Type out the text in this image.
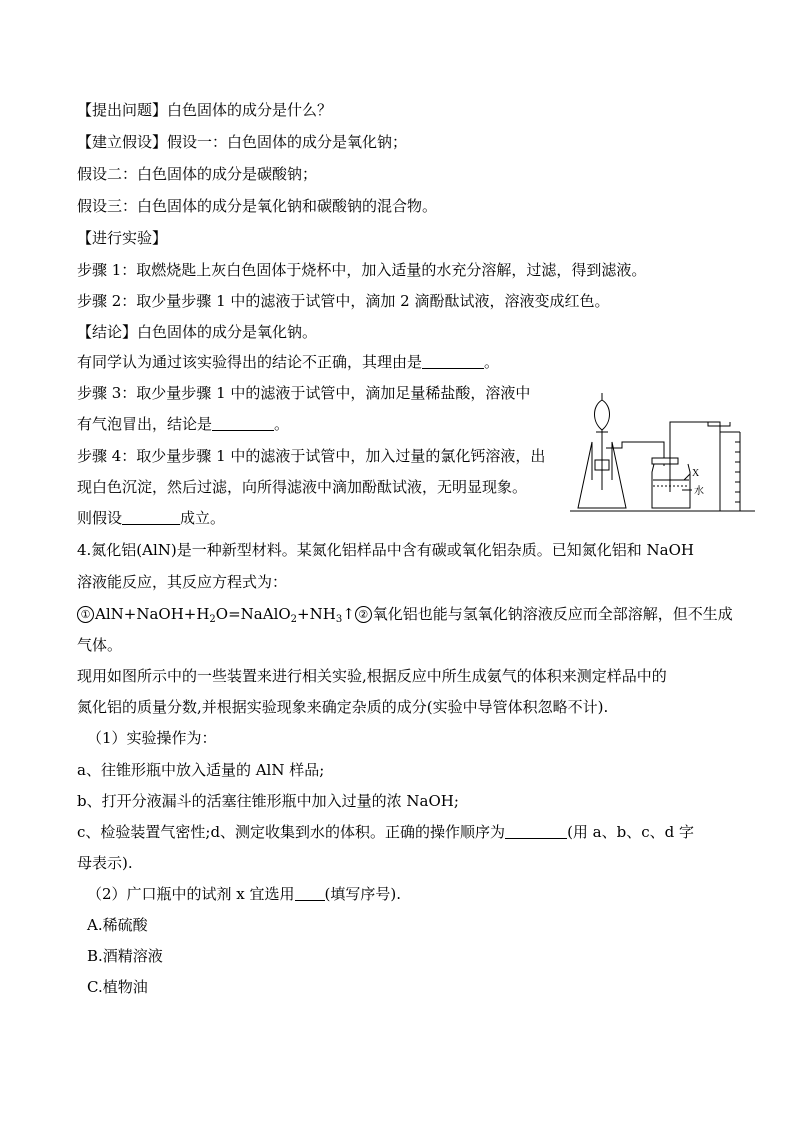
【提出问题】白色固体的成分是什么？
【建立假设】假设一：白色固体的成分是氧化钠；
假设二：白色固体的成分是碳酸钠；
假设三：白色固体的成分是氧化钠和碳酸钠的混合物。
【进行实验】
步骤 1：取燃烧匙上灰白色固体于烧杯中，加入适量的水充分溶解，过滤，得到滤液。
步骤 2：取少量步骤 1 中的滤液于试管中，滴加 2 滴酚酞试液，溶液变成红色。
【结论】白色固体的成分是氧化钠。
有同学认为通过该实验得出的结论不正确，其理由是	。
步骤 3：取少量步骤 1 中的滤液于试管中，滴加足量稀盐酸，溶液中
有气泡冒出，结论是	。
步骤 4：取少量步骤 1 中的滤液于试管中，加入过量的氯化钙溶液，出
现白色沉淀，然后过滤，向所得滤液中滴加酚酞试液，无明显现象。
则假设	成立。
X
水
4.氮化铝(AlN)是一种新型材料。某氮化铝样品中含有碳或氧化铝杂质。已知氮化铝和 NaOH
溶液能反应，其反应方程式为：
① $AlN+NaOH+H_2O=NaAlO_2+NH_3↑$ ② 氧化铝也能与氢氧化钠溶液反应而全部溶解，但不生成
气体。
现用如图所示中的一些装置来进行相关实验,根据反应中所生成氨气的体积来测定样品中的
氮化铝的质量分数,并根据实验现象来确定杂质的成分(实验中导管体积忽略不计).
（1）实验操作为：
a、往锥形瓶中放入适量的 AlN 样品;
b、打开分液漏斗的活塞往锥形瓶中加入过量的浓 NaOH;
c、检验装置气密性;d、测定收集到水的体积。正确的操作顺序为	(用 a、b、c、d 字
母表示).
（2）广口瓶中的试剂 x 宜选用 (填写序号).
A.稀硫酸
B.酒精溶液
C.植物油
